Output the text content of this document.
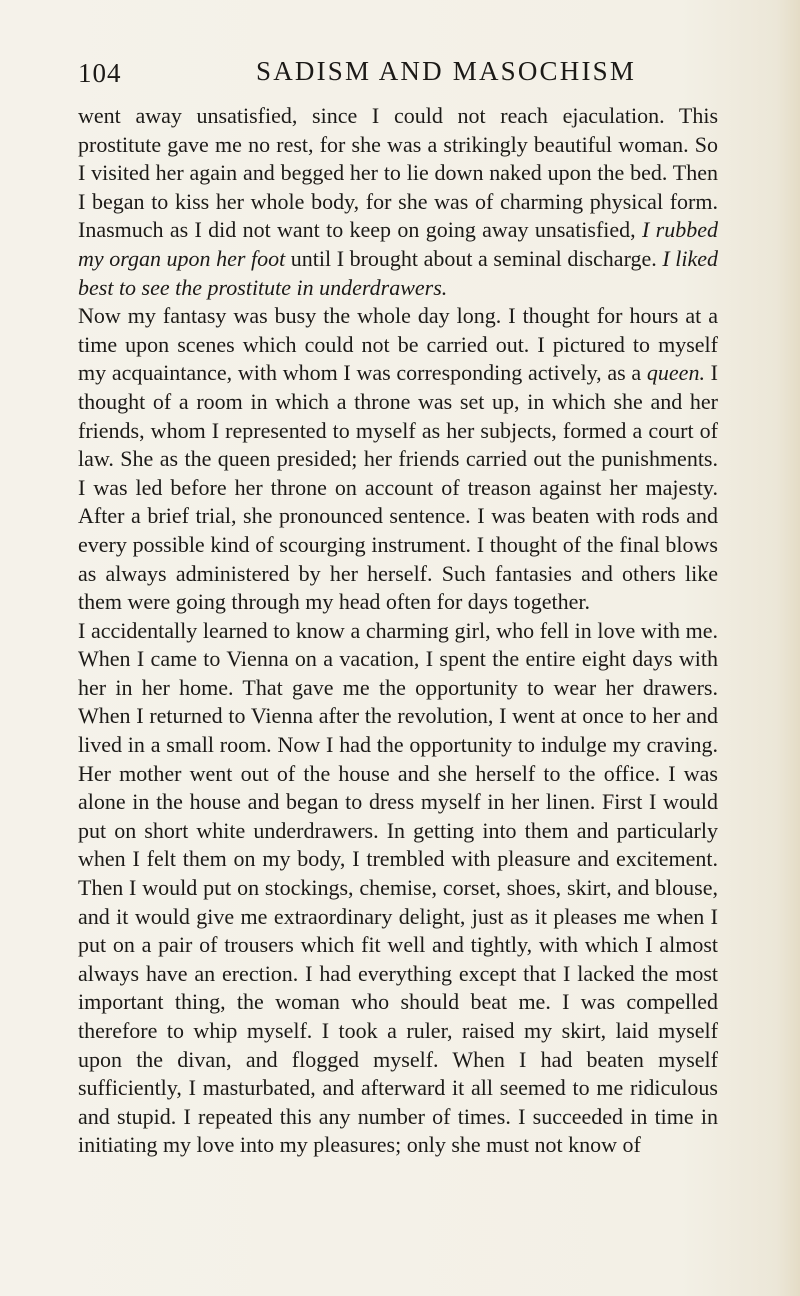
104	SADISM AND MASOCHISM

went away unsatisfied, since I could not reach ejaculation. This prostitute gave me no rest, for she was a strikingly beautiful woman. So I visited her again and begged her to lie down naked upon the bed. Then I began to kiss her whole body, for she was of charming physical form. Inasmuch as I did not want to keep on going away unsatisfied, I rubbed my organ upon her foot until I brought about a seminal discharge. I liked best to see the prostitute in underdrawers.

Now my fantasy was busy the whole day long. I thought for hours at a time upon scenes which could not be carried out. I pictured to myself my acquaintance, with whom I was corresponding actively, as a queen. I thought of a room in which a throne was set up, in which she and her friends, whom I represented to myself as her subjects, formed a court of law. She as the queen presided; her friends carried out the punishments. I was led before her throne on account of treason against her majesty. After a brief trial, she pronounced sentence. I was beaten with rods and every possible kind of scourging instrument. I thought of the final blows as always administered by her herself. Such fantasies and others like them were going through my head often for days together.

I accidentally learned to know a charming girl, who fell in love with me. When I came to Vienna on a vacation, I spent the entire eight days with her in her home. That gave me the opportunity to wear her drawers. When I returned to Vienna after the revolution, I went at once to her and lived in a small room. Now I had the opportunity to indulge my craving. Her mother went out of the house and she herself to the office. I was alone in the house and began to dress myself in her linen. First I would put on short white underdrawers. In getting into them and particularly when I felt them on my body, I trembled with pleasure and excitement. Then I would put on stockings, chemise, corset, shoes, skirt, and blouse, and it would give me extraordinary delight, just as it pleases me when I put on a pair of trousers which fit well and tightly, with which I almost always have an erection. I had everything except that I lacked the most important thing, the woman who should beat me. I was compelled therefore to whip myself. I took a ruler, raised my skirt, laid myself upon the divan, and flogged myself. When I had beaten myself sufficiently, I masturbated, and afterward it all seemed to me ridiculous and stupid. I repeated this any number of times. I succeeded in time in initiating my love into my pleasures; only she must not know of
